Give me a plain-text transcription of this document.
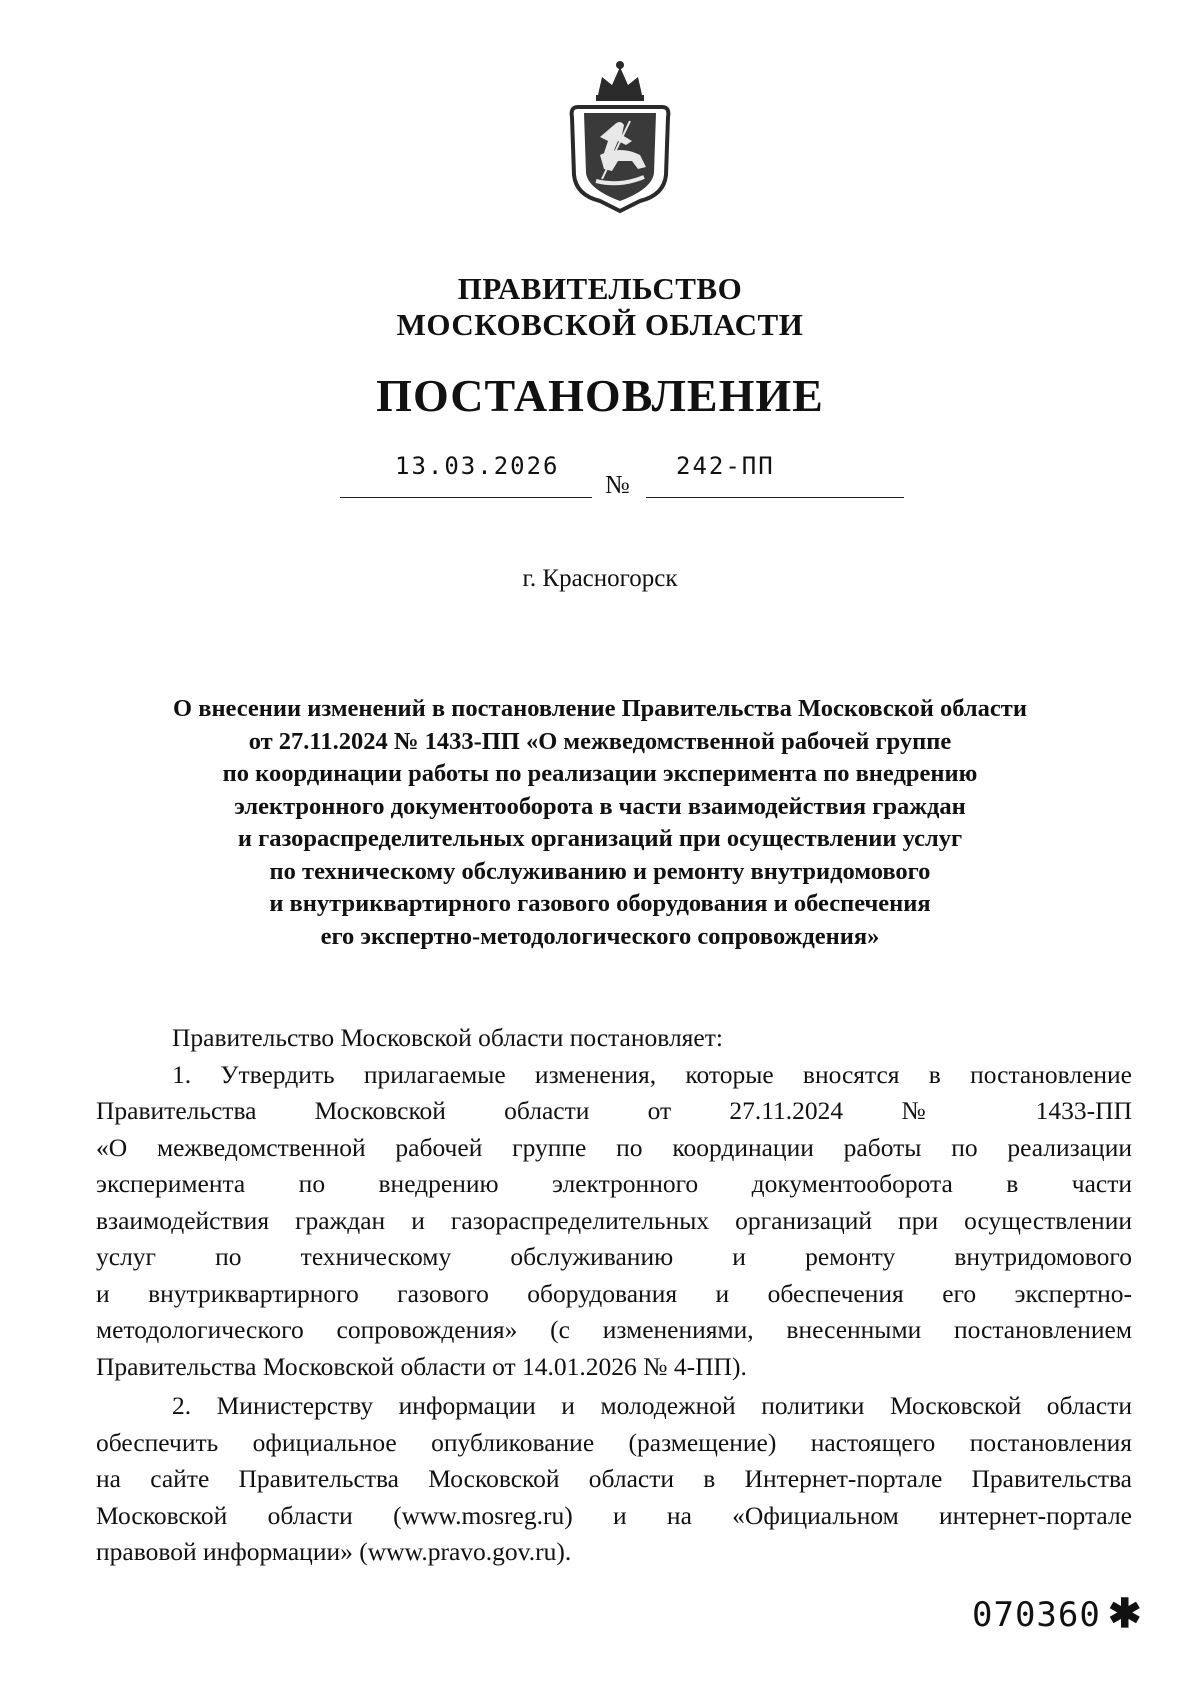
ПРАВИТЕЛЬСТВО
МОСКОВСКОЙ ОБЛАСТИ
ПОСТАНОВЛЕНИЕ
13.03.2026
№
242-ПП
г. Красногорск
О внесении изменений в постановление Правительства Московской области
от 27.11.2024 № 1433-ПП «О межведомственной рабочей группе
по координации работы по реализации эксперимента по внедрению
электронного документооборота в части взаимодействия граждан
и газораспределительных организаций при осуществлении услуг
по техническому обслуживанию и ремонту внутридомового
и внутриквартирного газового оборудования и обеспечения
его экспертно-методологического сопровождения»
Правительство Московской области постановляет:
1. Утвердить прилагаемые изменения, которые вносятся в постановление
Правительства Московской области от 27.11.2024 № 1433-ПП
«О межведомственной рабочей группе по координации работы по реализации
эксперимента по внедрению электронного документооборота в части
взаимодействия граждан и газораспределительных организаций при осуществлении
услуг по техническому обслуживанию и ремонту внутридомового
и внутриквартирного газового оборудования и обеспечения его экспертно-
методологического сопровождения» (с изменениями, внесенными постановлением
Правительства Московской области от 14.01.2026 № 4-ПП).
2. Министерству информации и молодежной политики Московской области
обеспечить официальное опубликование (размещение) настоящего постановления
на сайте Правительства Московской области в Интернет-портале Правительства
Московской области (www.mosreg.ru) и на «Официальном интернет-портале
правовой информации» (www.pravo.gov.ru).
070360 ✱
